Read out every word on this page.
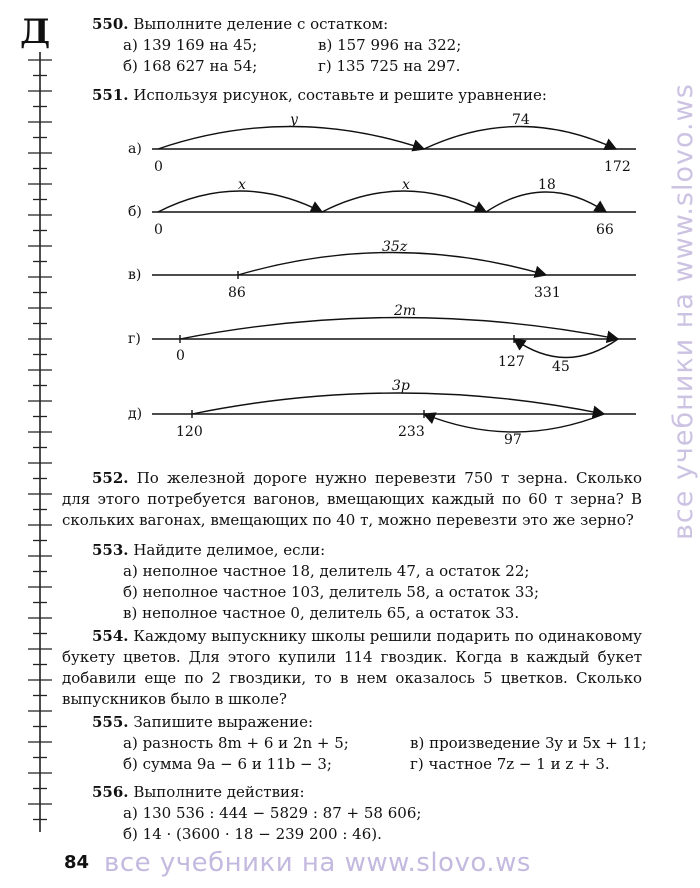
Д	550. Выполните деление с остатком:
а) 139 169 на 45;	в) 157 996 на 322;
б) 168 627 на 54;	г) 135 725 на 297.
551. Используя рисунок, составьте и решите уравнение:
а)
y	74
0	172
б)
x	x	18
0	66
в)
35z
86	331
г)
2m
45
0	127
д)
3p
97
120	233
552. По железной дороге нужно перевезти 750 т зерна. Сколько для этого потребуется вагонов, вмещающих каждый по 60 т зерна? В скольких вагонах, вмещающих по 40 т, можно перевезти это же зерно?
553. Найдите делимое, если:
а) неполное частное 18, делитель 47, а остаток 22;
б) неполное частное 103, делитель 58, а остаток 33;
в) неполное частное 0, делитель 65, а остаток 33.
554. Каждому выпускнику школы решили подарить по одинаковому букету цветов. Для этого купили 114 гвоздик. Когда в каждый букет добавили еще по 2 гвоздики, то в нем оказалось 5 цветков. Сколько выпускников было в школе?
555. Запишите выражение:
а) разность 8m + 6 и 2n + 5;	в) произведение 3y и 5x + 11;
б) сумма 9a − 6 и 11b − 3;	г) частное 7z − 1 и z + 3.
556. Выполните действия:
а) 130 536 : 444 − 5829 : 87 + 58 606;
б) 14 · (3600 · 18 − 239 200 : 46).
84
все учебники на www.slovo.ws
все учебники на www.slovo.ws
